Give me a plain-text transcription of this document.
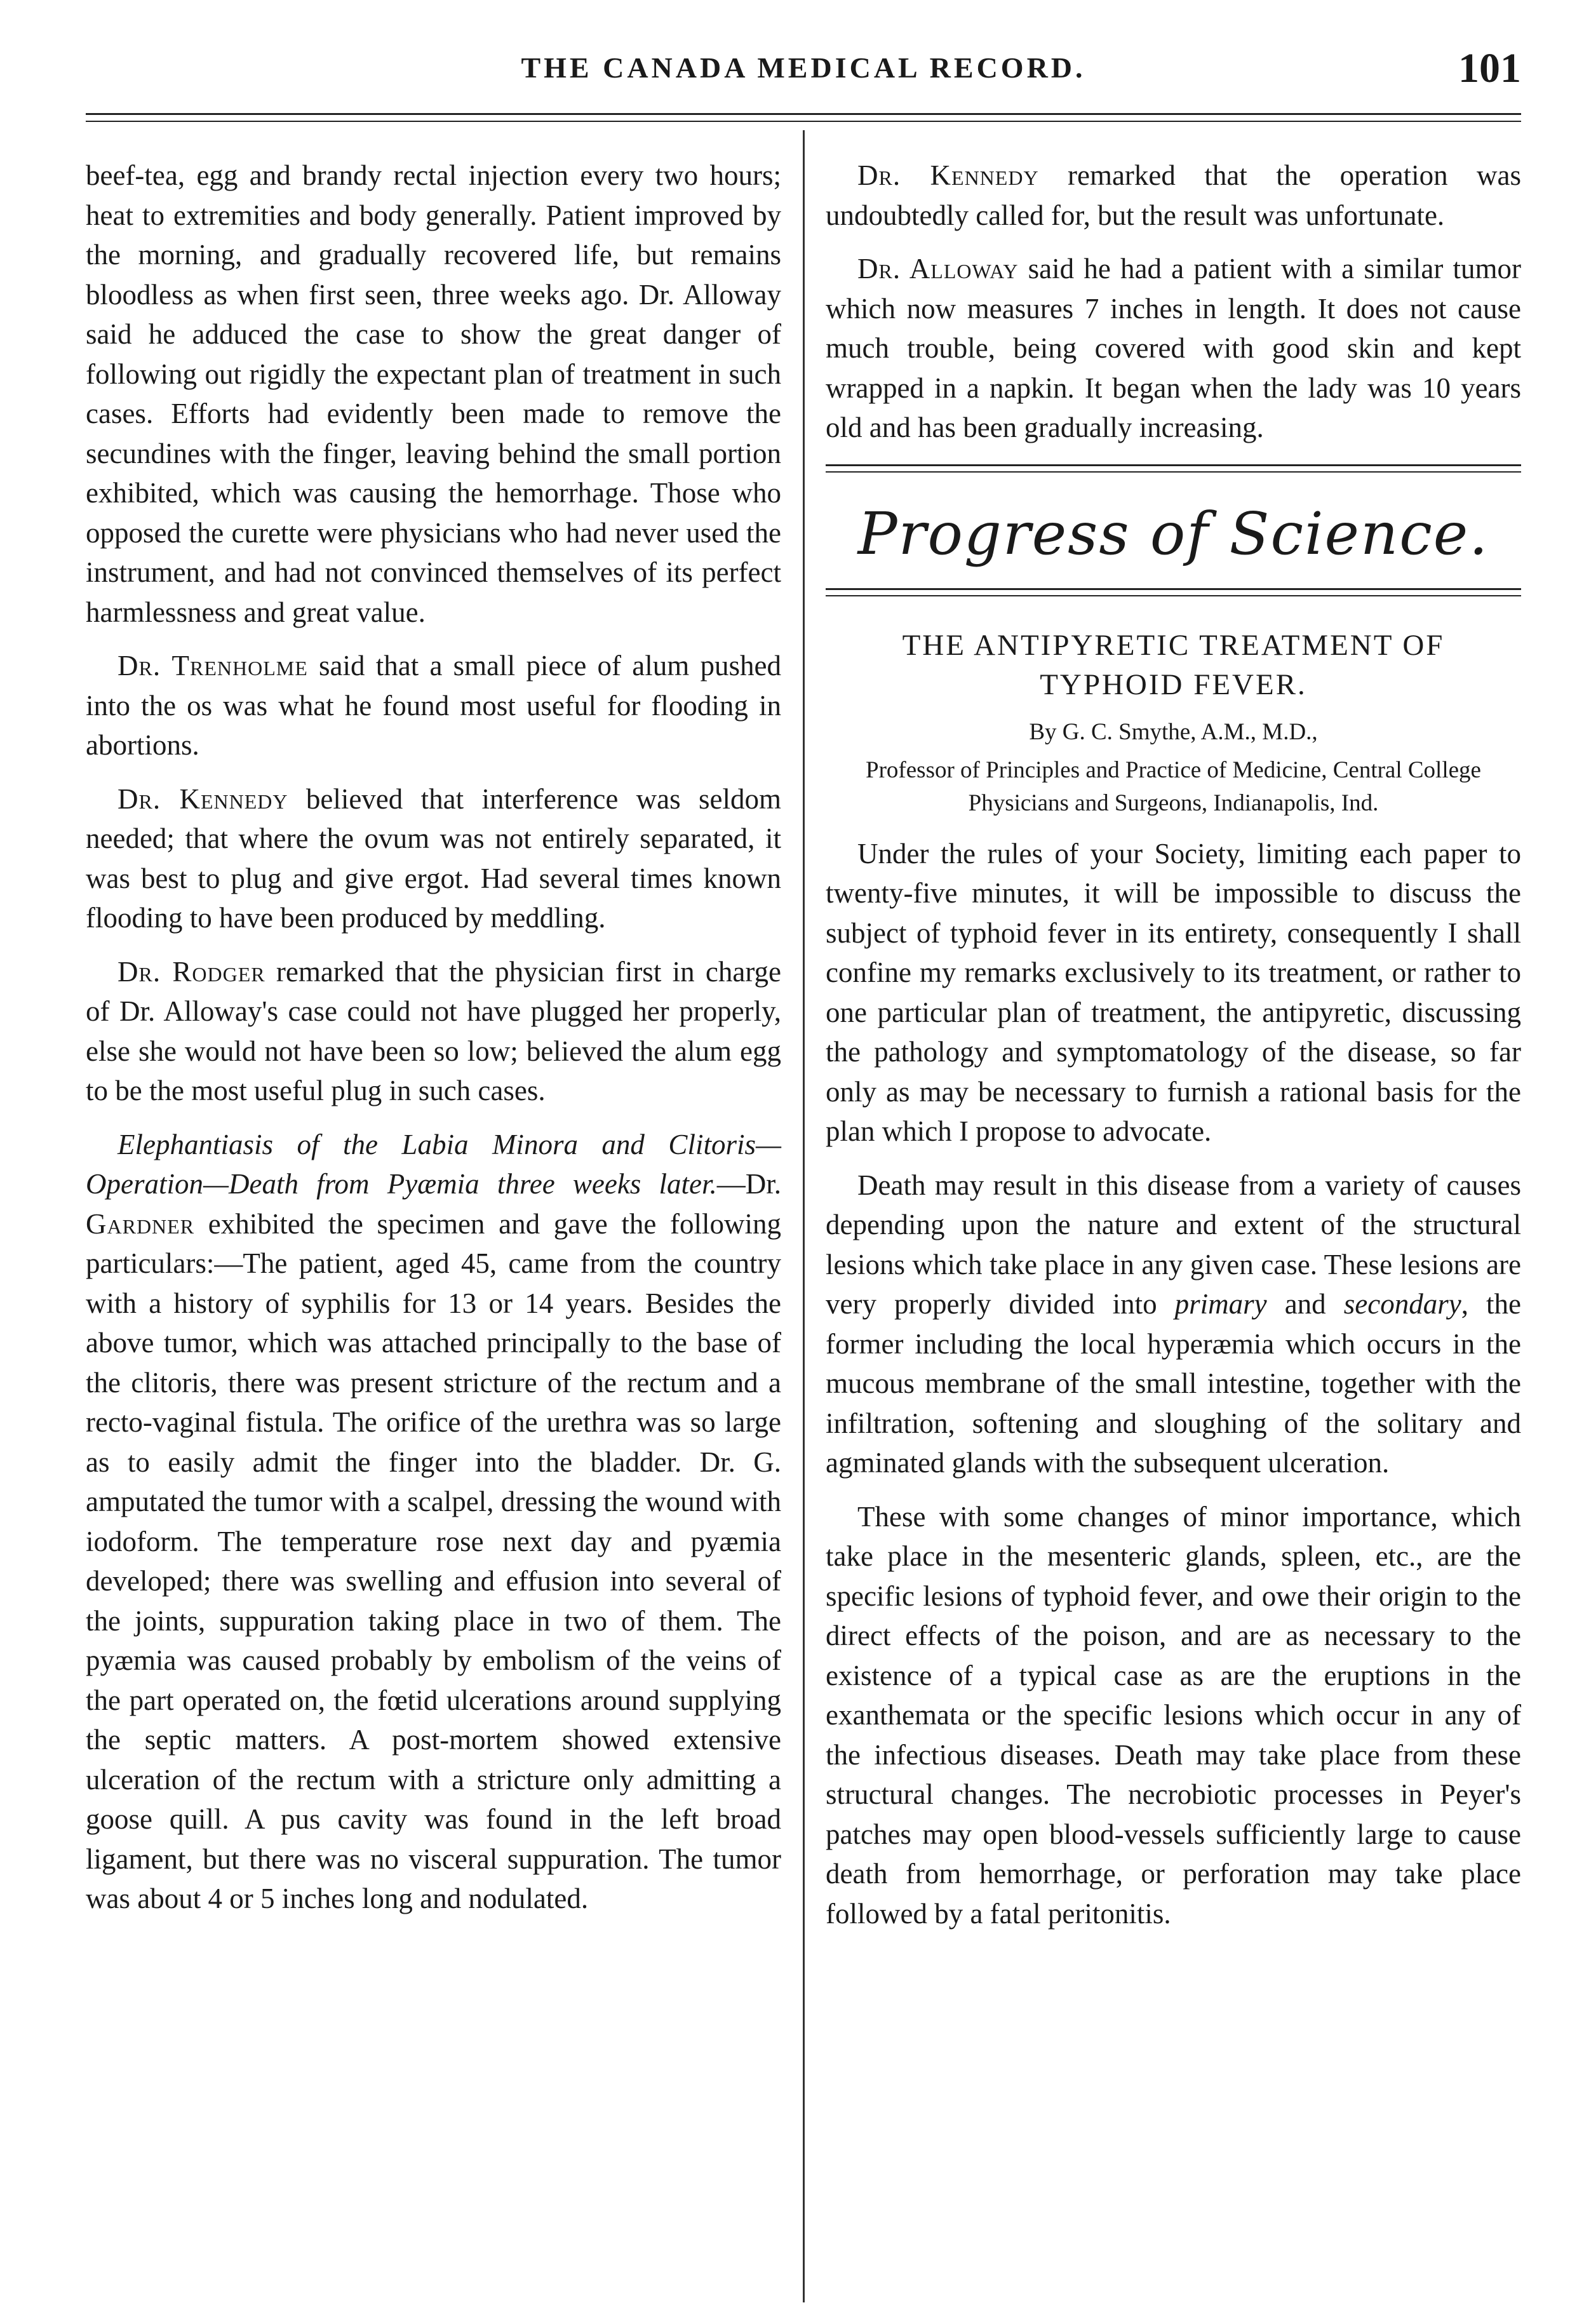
THE CANADA MEDICAL RECORD.	101

beef-tea, egg and brandy rectal injection every two hours; heat to extremities and body generally. Patient improved by the morning, and gradually recovered life, but remains bloodless as when first seen, three weeks ago. Dr. Alloway said he adduced the case to show the great danger of following out rigidly the expectant plan of treatment in such cases. Efforts had evidently been made to remove the secundines with the finger, leaving behind the small portion exhibited, which was causing the hemorrhage. Those who opposed the curette were physicians who had never used the instrument, and had not convinced themselves of its perfect harmlessness and great value.

Dr. Trenholme said that a small piece of alum pushed into the os was what he found most useful for flooding in abortions.

Dr. Kennedy believed that interference was seldom needed; that where the ovum was not entirely separated, it was best to plug and give ergot. Had several times known flooding to have been produced by meddling.

Dr. Rodger remarked that the physician first in charge of Dr. Alloway's case could not have plugged her properly, else she would not have been so low; believed the alum egg to be the most useful plug in such cases.

Elephantiasis of the Labia Minora and Clitoris—Operation—Death from Pyæmia three weeks later.—Dr. Gardner exhibited the specimen and gave the following particulars:—The patient, aged 45, came from the country with a history of syphilis for 13 or 14 years. Besides the above tumor, which was attached principally to the base of the clitoris, there was present stricture of the rectum and a recto-vaginal fistula. The orifice of the urethra was so large as to easily admit the finger into the bladder. Dr. G. amputated the tumor with a scalpel, dressing the wound with iodoform. The temperature rose next day and pyæmia developed; there was swelling and effusion into several of the joints, suppuration taking place in two of them. The pyæmia was caused probably by embolism of the veins of the part operated on, the fœtid ulcerations around supplying the septic matters. A post-mortem showed extensive ulceration of the rectum with a stricture only admitting a goose quill. A pus cavity was found in the left broad ligament, but there was no visceral suppuration. The tumor was about 4 or 5 inches long and nodulated.

Dr. Kennedy remarked that the operation was undoubtedly called for, but the result was unfortunate.

Dr. Alloway said he had a patient with a similar tumor which now measures 7 inches in length. It does not cause much trouble, being covered with good skin and kept wrapped in a napkin. It began when the lady was 10 years old and has been gradually increasing.

Progress of Science.
THE ANTIPYRETIC TREATMENT OF TYPHOID FEVER.
By G. C. Smythe, A.M., M.D.,
Professor of Principles and Practice of Medicine, Central College Physicians and Surgeons, Indianapolis, Ind.

Under the rules of your Society, limiting each paper to twenty-five minutes, it will be impossible to discuss the subject of typhoid fever in its entirety, consequently I shall confine my remarks exclusively to its treatment, or rather to one particular plan of treatment, the antipyretic, discussing the pathology and symptomatology of the disease, so far only as may be necessary to furnish a rational basis for the plan which I propose to advocate.

Death may result in this disease from a variety of causes depending upon the nature and extent of the structural lesions which take place in any given case. These lesions are very properly divided into primary and secondary, the former including the local hyperæmia which occurs in the mucous membrane of the small intestine, together with the infiltration, softening and sloughing of the solitary and agminated glands with the subsequent ulceration.

These with some changes of minor importance, which take place in the mesenteric glands, spleen, etc., are the specific lesions of typhoid fever, and owe their origin to the direct effects of the poison, and are as necessary to the existence of a typical case as are the eruptions in the exanthemata or the specific lesions which occur in any of the infectious diseases. Death may take place from these structural changes. The necrobiotic processes in Peyer's patches may open blood-vessels sufficiently large to cause death from hemorrhage, or perforation may take place followed by a fatal peritonitis.
